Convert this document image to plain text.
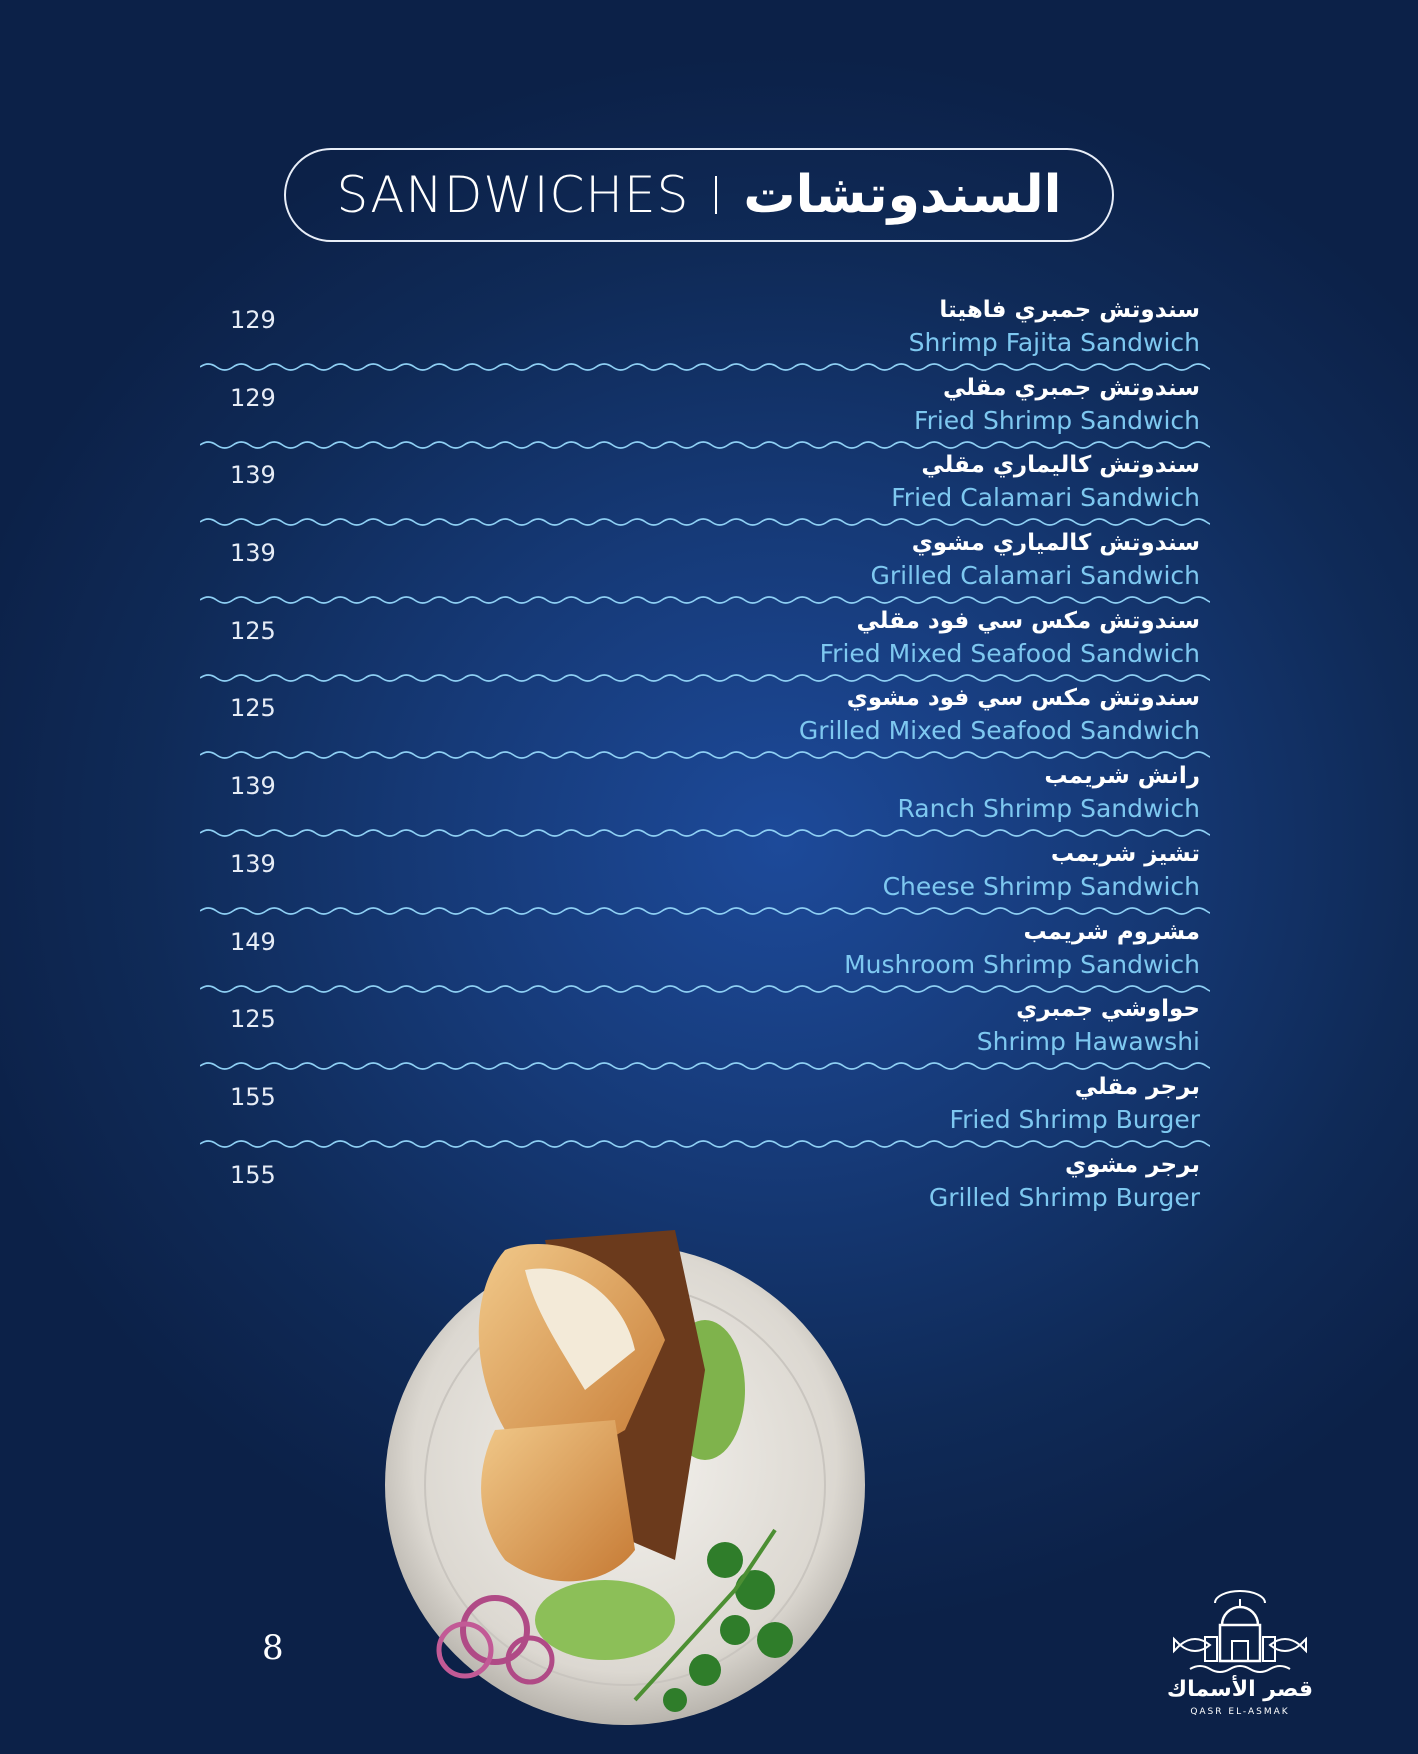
SANDWICHES السندوتشات
سندوتش جمبري فاهيتا
Shrimp Fajita Sandwich
129
سندوتش جمبري مقلي
Fried Shrimp Sandwich
129
سندوتش كاليماري مقلي
Fried Calamari Sandwich
139
سندوتش كالمياري مشوي
Grilled Calamari Sandwich
139
سندوتش مكس سي فود مقلي
Fried Mixed Seafood Sandwich
125
سندوتش مكس سي فود مشوي
Grilled Mixed Seafood Sandwich
125
رانش شريمب
Ranch Shrimp Sandwich
139
تشيز شريمب
Cheese Shrimp Sandwich
139
مشروم شريمب
Mushroom Shrimp Sandwich
149
حواوشي جمبري
Shrimp Hawawshi
125
برجر مقلي
Fried Shrimp Burger
155
برجر مشوي
Grilled Shrimp Burger
155
8
قصر الأسماك
QASR EL-ASMAK
